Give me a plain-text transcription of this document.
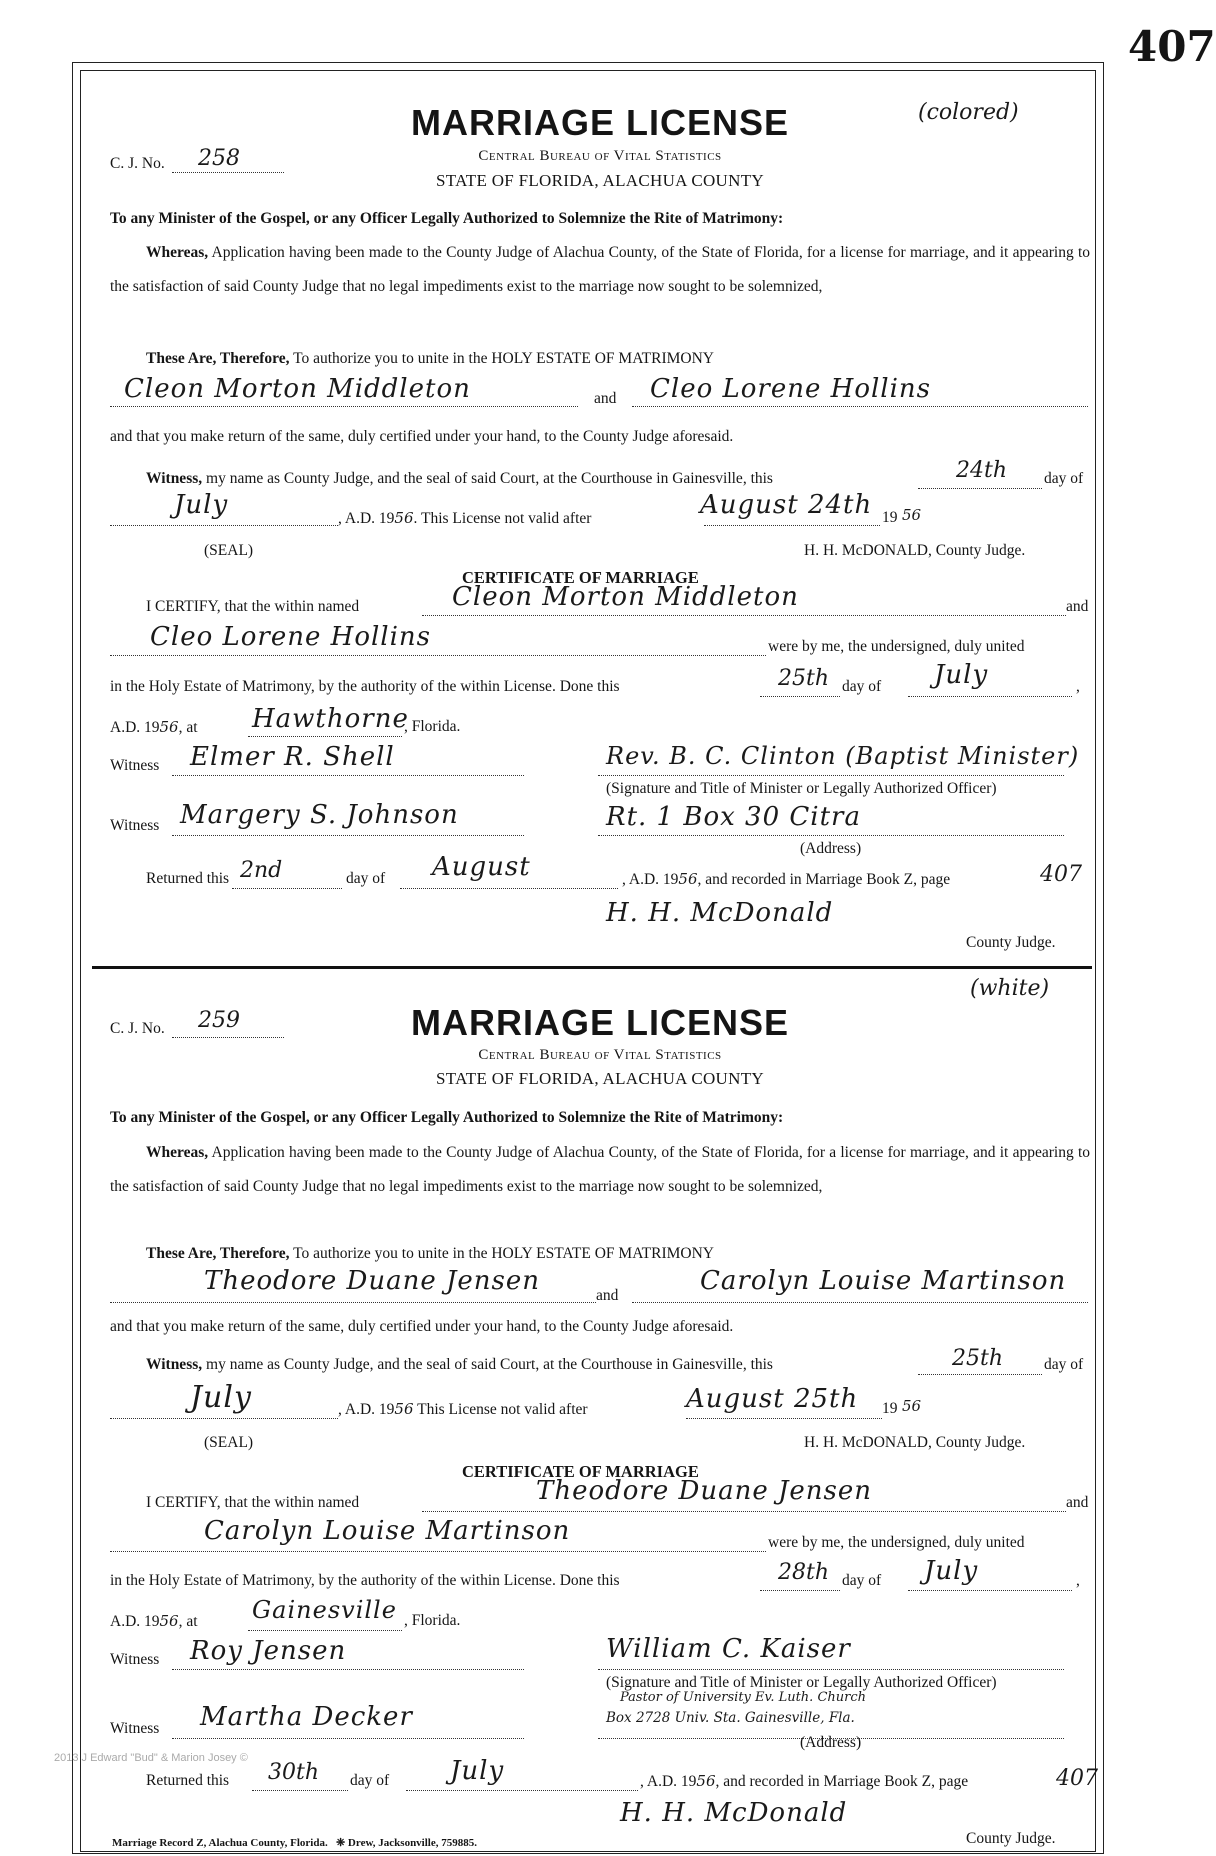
407
C. J. No. 258
(colored)
MARRIAGE LICENSE
Central Bureau of Vital Statistics
STATE OF FLORIDA, ALACHUA COUNTY
To any Minister of the Gospel, or any Officer Legally Authorized to Solemnize the Rite of Matrimony:
Whereas, Application having been made to the County Judge of Alachua County, of the State of Florida, for a license for marriage, and it appearing to the satisfaction of said County Judge that no legal impediments exist to the marriage now sought to be solemnized,
These Are, Therefore, To authorize you to unite in the HOLY ESTATE OF MATRIMONY
Cleon Morton Middleton	and Cleo Lorene Hollins
and that you make return of the same, duly certified under your hand, to the County Judge aforesaid.
Witness, my name as County Judge, and the seal of said Court, at the Courthouse in Gainesville, this	24th day of
July	, A.D. 1956. This License not valid after	August 24th 19 56
(SEAL)	H. H. McDONALD, County Judge.
CERTIFICATE OF MARRIAGE
I CERTIFY, that the within named	Cleon Morton Middleton	and
Cleo Lorene Hollins	were by me, the undersigned, duly united
in the Holy Estate of Matrimony, by the authority of the within License. Done this	25th day of July	,
A.D. 1956, at Hawthorne
, Florida.
Witness Elmer R. Shell	Rev. B. C. Clinton (Baptist Minister)
(Signature and Title of Minister or Legally Authorized Officer)
Witness Margery S. Johnson	Rt. 1 Box 30 Citra
(Address)
Returned this 2nd	day of August	, A.D. 1956, and recorded in Marriage Book Z, page	407
H. H. McDonald
County Judge.
C. J. No. 259
(white)
MARRIAGE LICENSE
Central Bureau of Vital Statistics
STATE OF FLORIDA, ALACHUA COUNTY
To any Minister of the Gospel, or any Officer Legally Authorized to Solemnize the Rite of Matrimony:
Whereas, Application having been made to the County Judge of Alachua County, of the State of Florida, for a license for marriage, and it appearing to the satisfaction of said County Judge that no legal impediments exist to the marriage now sought to be solemnized,
These Are, Therefore, To authorize you to unite in the HOLY ESTATE OF MATRIMONY
Theodore Duane Jensen	and	Carolyn Louise Martinson
and that you make return of the same, duly certified under your hand, to the County Judge aforesaid.
Witness, my name as County Judge, and the seal of said Court, at the Courthouse in Gainesville, this	25th	day of
July	, A.D. 1956 This License not valid after	August 25th 19 56
(SEAL)	H. H. McDONALD, County Judge.
CERTIFICATE OF MARRIAGE
I CERTIFY, that the within named	Theodore Duane Jensen	and
Carolyn Louise Martinson	were by me, the undersigned, duly united
in the Holy Estate of Matrimony, by the authority of the within License. Done this	28th day of July	,
A.D. 1956, at Gainesville , Florida.
Witness Roy Jensen	William C. Kaiser
(Signature and Title of Minister or Legally Authorized Officer)
Pastor of University Ev. Luth. Church
Witness Martha Decker	Box 2728 Univ. Sta. Gainesville, Fla.
(Address)
2013 J Edward "Bud" & Marion Josey ©
Returned this 30th day of July	, A.D. 1956, and recorded in Marriage Book Z, page	407
H. H. McDonald
County Judge.
Marriage Record Z, Alachua County, Florida. ❈ Drew, Jacksonville, 759885.
